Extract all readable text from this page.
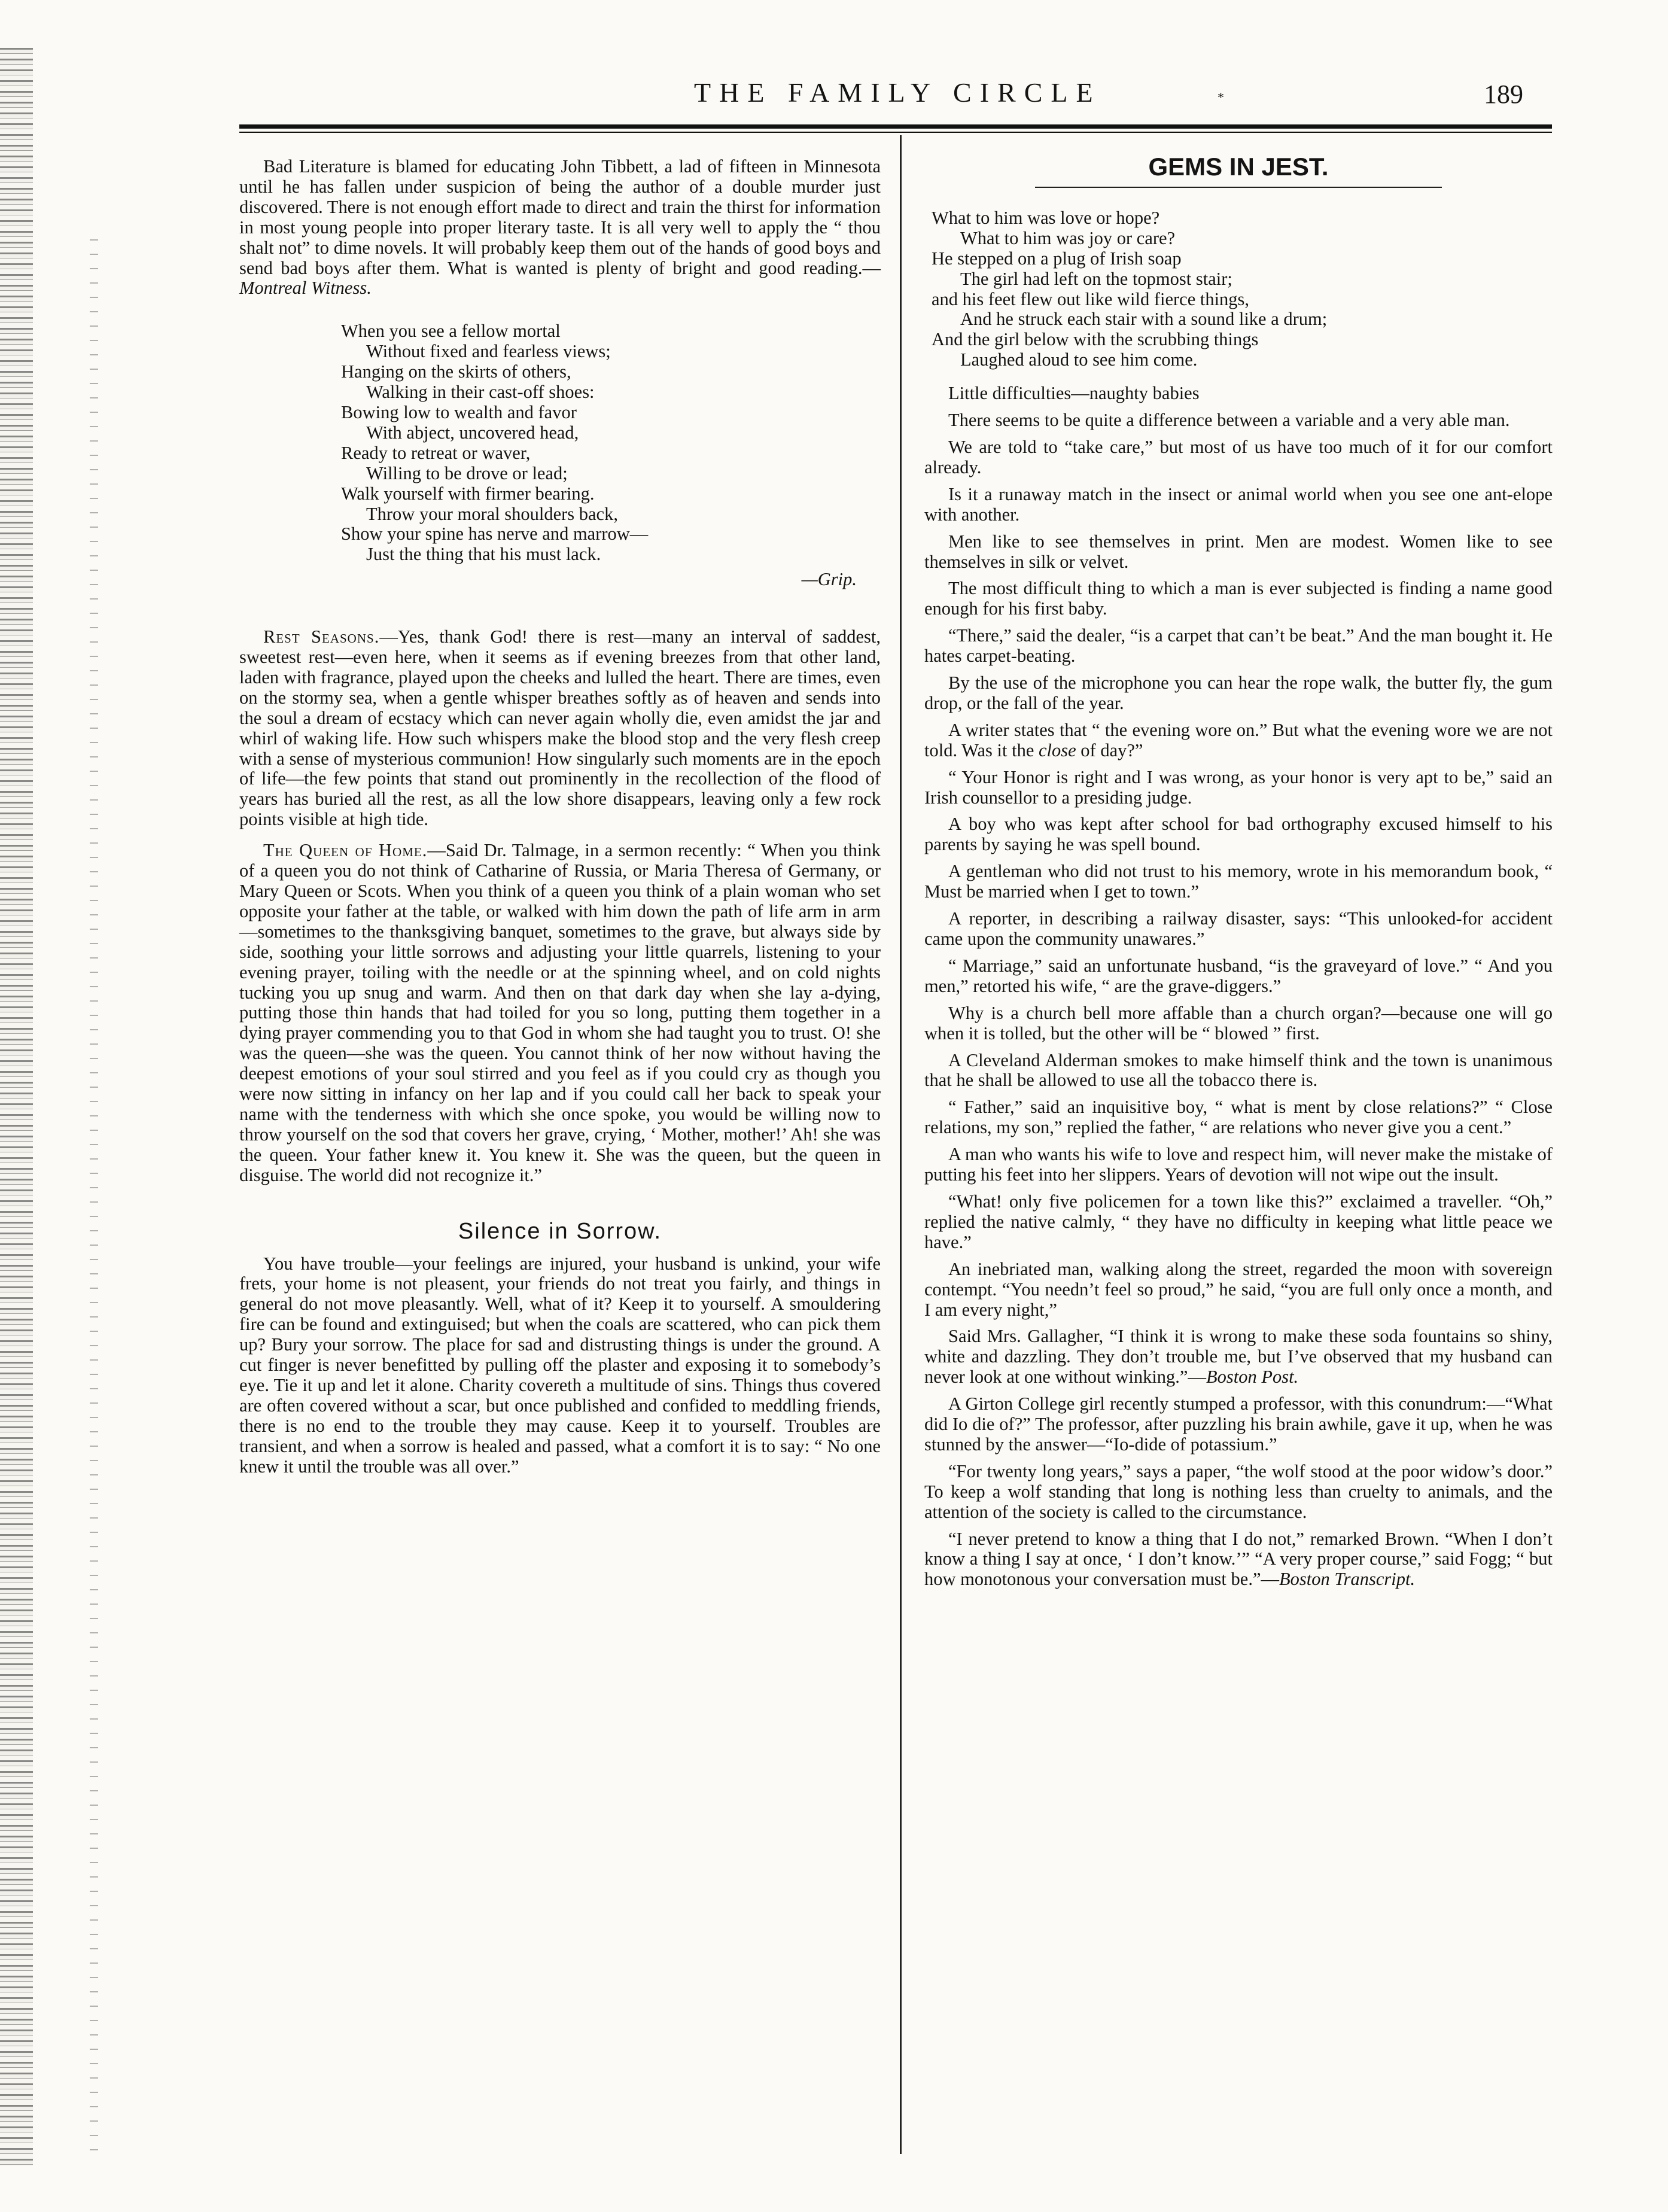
THE FAMILY CIRCLE	*	189

Bad Literature is blamed for educating John Tibbett, a lad of fifteen in Minnesota until he has fallen under suspicion of being the author of a double murder just discovered. There is not enough effort made to direct and train the thirst for information in most young people into proper literary taste. It is all very well to apply the “ thou shalt not” to dime novels. It will probably keep them out of the hands of good boys and send bad boys after them. What is wanted is plenty of bright and good reading.—Montreal Witness.

When you see a fellow mortal
Without fixed and fearless views;
Hanging on the skirts of others,
Walking in their cast-off shoes:
Bowing low to wealth and favor
With abject, uncovered head,
Ready to retreat or waver,
Willing to be drove or lead;
Walk yourself with firmer bearing.
Throw your moral shoulders back,
Show your spine has nerve and marrow—
Just the thing that his must lack.
—Grip.

Rest Seasons.—Yes, thank God! there is rest—many an interval of saddest, sweetest rest—even here, when it seems as if evening breezes from that other land, laden with fragrance, played upon the cheeks and lulled the heart. There are times, even on the stormy sea, when a gentle whisper breathes softly as of heaven and sends into the soul a dream of ecstacy which can never again wholly die, even amidst the jar and whirl of waking life. How such whispers make the blood stop and the very flesh creep with a sense of mysterious communion! How singularly such moments are in the epoch of life—the few points that stand out prominently in the recollection of the flood of years has buried all the rest, as all the low shore disappears, leaving only a few rock points visible at high tide.

The Queen of Home.—Said Dr. Talmage, in a sermon recently: “ When you think of a queen you do not think of Catharine of Russia, or Maria Theresa of Germany, or Mary Queen or Scots. When you think of a queen you think of a plain woman who set opposite your father at the table, or walked with him down the path of life arm in arm—sometimes to the thanksgiving banquet, sometimes to the grave, but always side by side, soothing your little sorrows and adjusting your little quarrels, listening to your evening prayer, toiling with the needle or at the spinning wheel, and on cold nights tucking you up snug and warm. And then on that dark day when she lay a-dying, putting those thin hands that had toiled for you so long, putting them together in a dying prayer commending you to that God in whom she had taught you to trust. O! she was the queen—she was the queen. You cannot think of her now without having the deepest emotions of your soul stirred and you feel as if you could cry as though you were now sitting in infancy on her lap and if you could call her back to speak your name with the tenderness with which she once spoke, you would be willing now to throw yourself on the sod that covers her grave, crying, ‘ Mother, mother!’ Ah! she was the queen. Your father knew it. You knew it. She was the queen, but the queen in disguise. The world did not recognize it.”

Silence in Sorrow.

You have trouble—your feelings are injured, your husband is unkind, your wife frets, your home is not pleasent, your friends do not treat you fairly, and things in general do not move pleasantly. Well, what of it? Keep it to yourself. A smouldering fire can be found and extinguised; but when the coals are scattered, who can pick them up? Bury your sorrow. The place for sad and distrusting things is under the ground. A cut finger is never benefitted by pulling off the plaster and exposing it to somebody’s eye. Tie it up and let it alone. Charity covereth a multitude of sins. Things thus covered are often covered without a scar, but once published and confided to meddling friends, there is no end to the trouble they may cause. Keep it to yourself. Troubles are transient, and when a sorrow is healed and passed, what a comfort it is to say: “ No one knew it until the trouble was all over.”

GEMS IN JEST.
What to him was love or hope?
What to him was joy or care?
He stepped on a plug of Irish soap
The girl had left on the topmost stair;
and his feet flew out like wild fierce things,
And he struck each stair with a sound like a drum;
And the girl below with the scrubbing things
Laughed aloud to see him come.

Little difficulties—naughty babies

There seems to be quite a difference between a variable and a very able man.

We are told to “take care,” but most of us have too much of it for our comfort already.

Is it a runaway match in the insect or animal world when you see one ant-elope with another.

Men like to see themselves in print. Men are modest. Women like to see themselves in silk or velvet.

The most difficult thing to which a man is ever subjected is finding a name good enough for his first baby.

“There,” said the dealer, “is a carpet that can’t be beat.” And the man bought it. He hates carpet-beating.

By the use of the microphone you can hear the rope walk, the butter fly, the gum drop, or the fall of the year.

A writer states that “ the evening wore on.” But what the evening wore we are not told. Was it the close of day?”

“ Your Honor is right and I was wrong, as your honor is very apt to be,” said an Irish counsellor to a presiding judge.

A boy who was kept after school for bad orthography excused himself to his parents by saying he was spell bound.

A gentleman who did not trust to his memory, wrote in his memorandum book, “ Must be married when I get to town.”

A reporter, in describing a railway disaster, says: “This unlooked-for accident came upon the community unawares.”

“ Marriage,” said an unfortunate husband, “is the graveyard of love.” “ And you men,” retorted his wife, “ are the grave-diggers.”

Why is a church bell more affable than a church organ?—because one will go when it is tolled, but the other will be “ blowed ” first.

A Cleveland Alderman smokes to make himself think and the town is unanimous that he shall be allowed to use all the tobacco there is.

“ Father,” said an inquisitive boy, “ what is ment by close relations?” “ Close relations, my son,” replied the father, “ are relations who never give you a cent.”

A man who wants his wife to love and respect him, will never make the mistake of putting his feet into her slippers. Years of devotion will not wipe out the insult.

“What! only five policemen for a town like this?” exclaimed a traveller. “Oh,” replied the native calmly, “ they have no difficulty in keeping what little peace we have.”

An inebriated man, walking along the street, regarded the moon with sovereign contempt. “You needn’t feel so proud,” he said, “you are full only once a month, and I am every night,”

Said Mrs. Gallagher, “I think it is wrong to make these soda fountains so shiny, white and dazzling. They don’t trouble me, but I’ve observed that my husband can never look at one without winking.”—Boston Post.

A Girton College girl recently stumped a professor, with this conundrum:—“What did Io die of?” The professor, after puzzling his brain awhile, gave it up, when he was stunned by the answer—“Io-dide of potassium.”

“For twenty long years,” says a paper, “the wolf stood at the poor widow’s door.” To keep a wolf standing that long is nothing less than cruelty to animals, and the attention of the society is called to the circumstance.

“I never pretend to know a thing that I do not,” remarked Brown. “When I don’t know a thing I say at once, ‘ I don’t know.’” “A very proper course,” said Fogg; “ but how monotonous your conversation must be.”—Boston Transcript.
